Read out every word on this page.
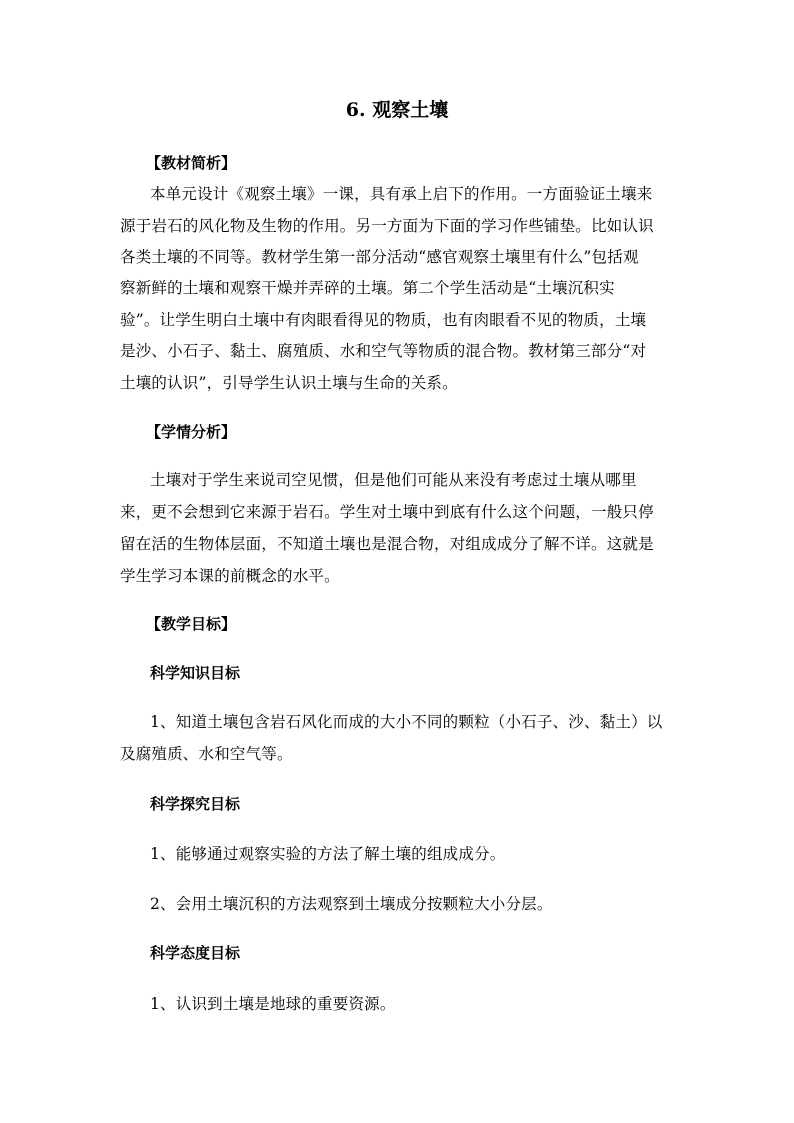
6. 观察土壤
【教材简析】
本单元设计《观察土壤》一课，具有承上启下的作用。一方面验证土壤来
源于岩石的风化物及生物的作用。另一方面为下面的学习作些铺垫。比如认识
各类土壤的不同等。教材学生第一部分活动“感官观察土壤里有什么”包括观
察新鲜的土壤和观察干燥并弄碎的土壤。第二个学生活动是“土壤沉积实
验”。让学生明白土壤中有肉眼看得见的物质，也有肉眼看不见的物质，土壤
是沙、小石子、黏土、腐殖质、水和空气等物质的混合物。教材第三部分“对
土壤的认识”，引导学生认识土壤与生命的关系。
【学情分析】
土壤对于学生来说司空见惯，但是他们可能从来没有考虑过土壤从哪里
来，更不会想到它来源于岩石。学生对土壤中到底有什么这个问题，一般只停
留在活的生物体层面，不知道土壤也是混合物，对组成成分了解不详。这就是
学生学习本课的前概念的水平。
【教学目标】
科学知识目标
1、知道土壤包含岩石风化而成的大小不同的颗粒（小石子、沙、黏土）以
及腐殖质、水和空气等。
科学探究目标
1、能够通过观察实验的方法了解土壤的组成成分。
2、会用土壤沉积的方法观察到土壤成分按颗粒大小分层。
科学态度目标
1、认识到土壤是地球的重要资源。
